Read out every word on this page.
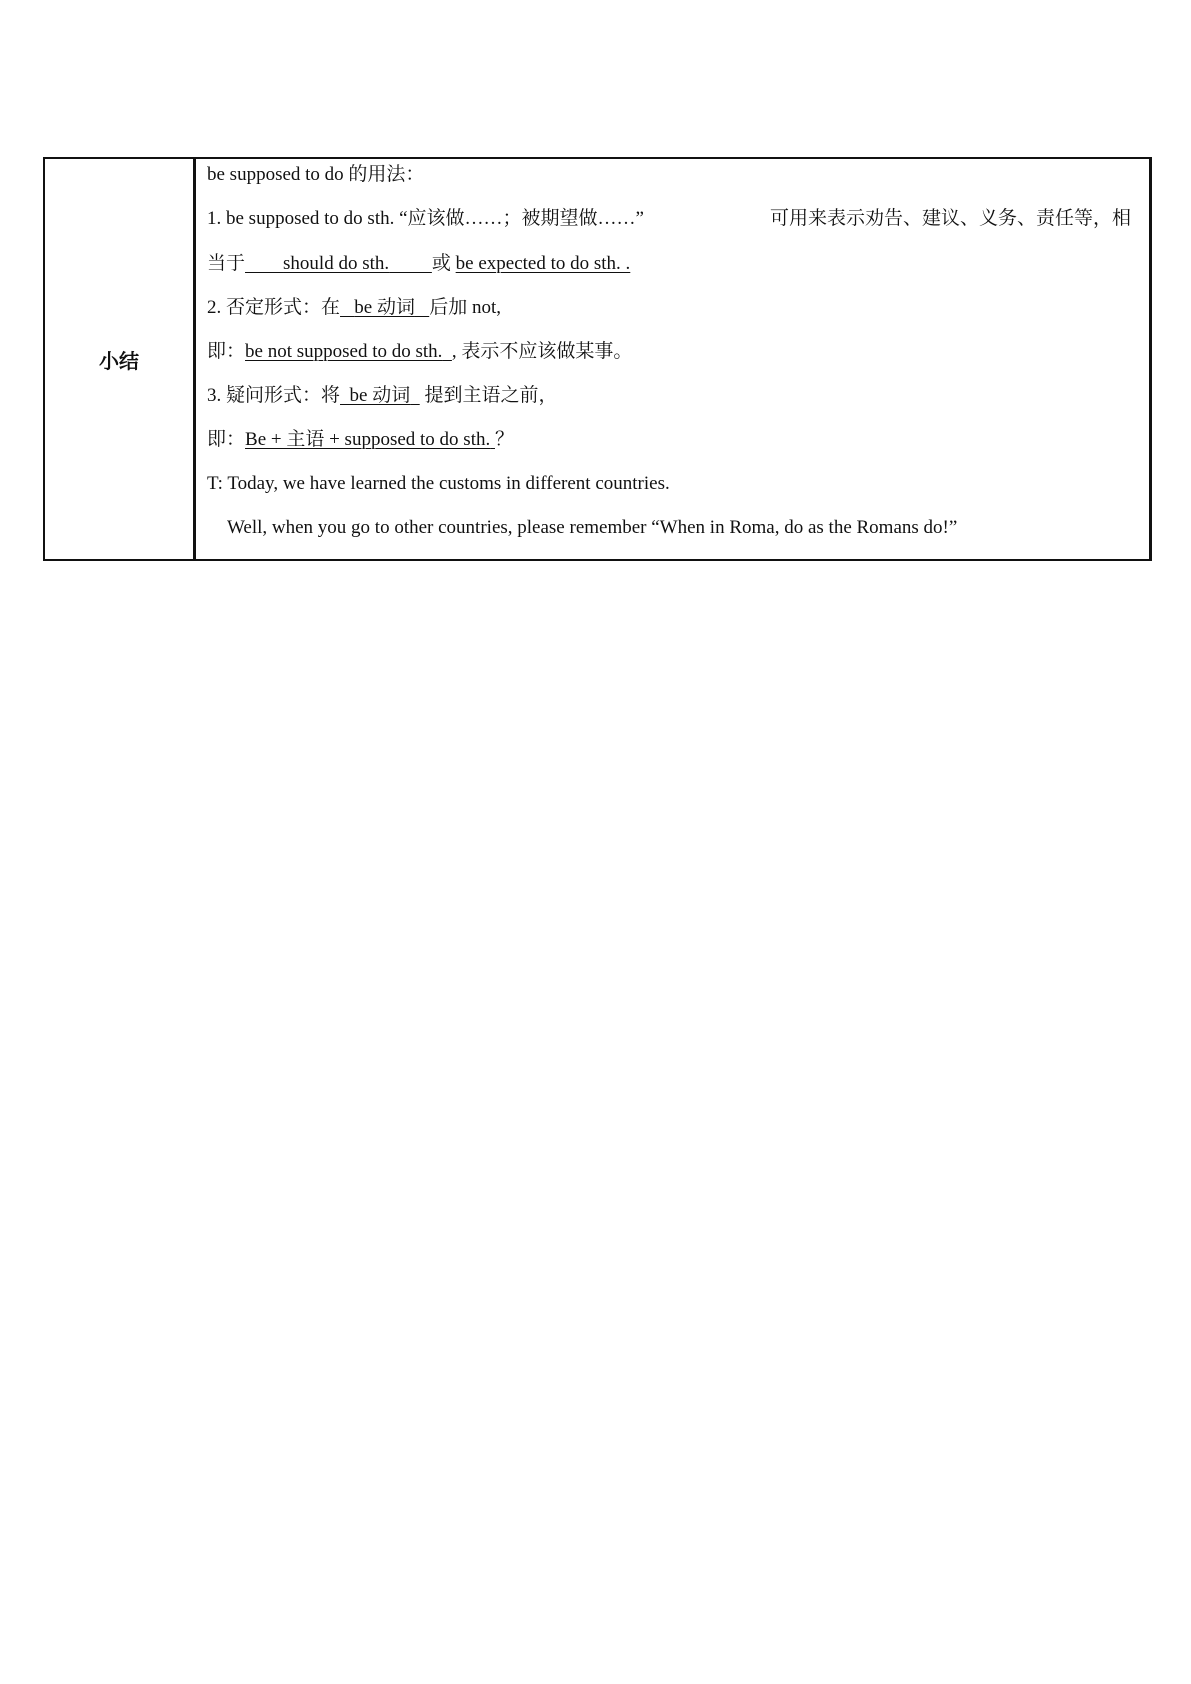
小结	

be supposed to do 的用法：

1. be supposed to do sth. “应该做……；被期望做……”	可用来表示劝告、建议、义务、责任等，相

当于 should do sth. 或 be expected to do sth. .

2. 否定形式：在 be 动词 后加 not,

即：be not supposed to do sth. , 表示不应该做某事。

3. 疑问形式：将 be 动词 提到主语之前，

即：Be + 主语 + supposed to do sth. ？

T: Today, we have learned the customs in different countries.

Well, when you go to other countries, please remember “When in Roma, do as the Romans do!”
